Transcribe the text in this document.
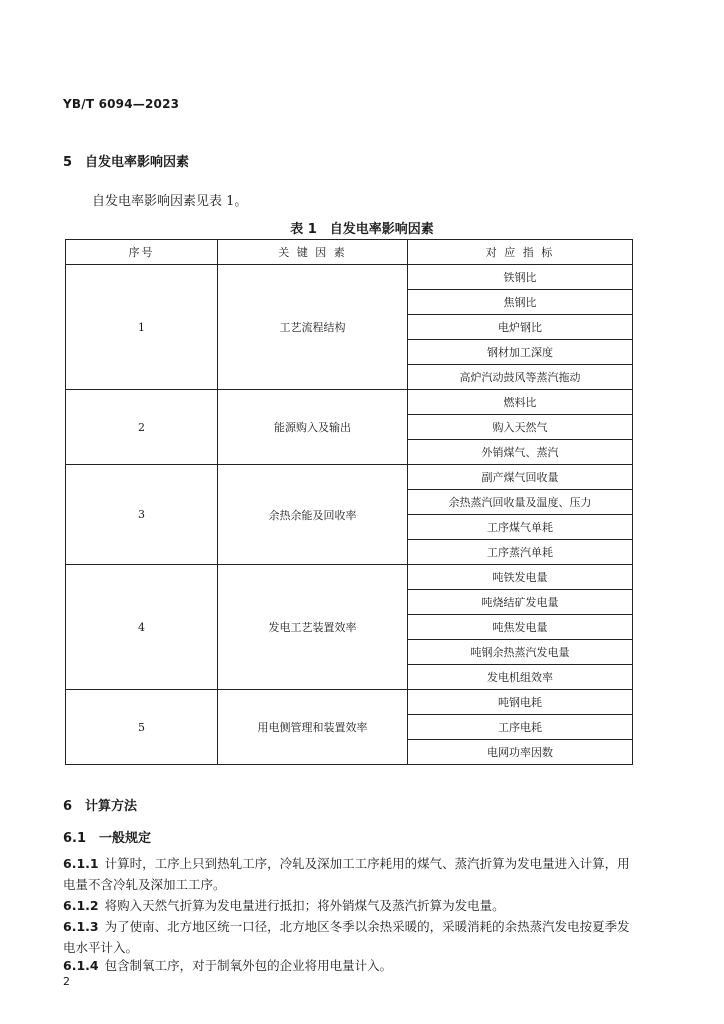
YB/T 6094—2023
5 自发电率影响因素
自发电率影响因素见表 1。
表 1　自发电率影响因素
序号	关 键 因 素	对 应 指 标
1	工艺流程结构	铁钢比
		焦钢比
		电炉钢比
		钢材加工深度
		高炉汽动鼓风等蒸汽拖动
2	能源购入及输出	燃料比
		购入天然气
		外销煤气、蒸汽
3	余热余能及回收率	副产煤气回收量
		余热蒸汽回收量及温度、压力
		工序煤气单耗
		工序蒸汽单耗
4	发电工艺装置效率	吨铁发电量
		吨烧结矿发电量
		吨焦发电量
		吨钢余热蒸汽发电量
		发电机组效率
5	用电侧管理和装置效率	吨钢电耗
		工序电耗
		电网功率因数
6 计算方法
6.1 一般规定
6.1.1 计算时，工序上只到热轧工序，冷轧及深加工工序耗用的煤气、蒸汽折算为发电量进入计算，用电量不含冷轧及深加工工序。
6.1.2 将购入天然气折算为发电量进行抵扣；将外销煤气及蒸汽折算为发电量。
6.1.3 为了使南、北方地区统一口径，北方地区冬季以余热采暖的，采暖消耗的余热蒸汽发电按夏季发电水平计入。
6.1.4 包含制氧工序，对于制氧外包的企业将用电量计入。
2
